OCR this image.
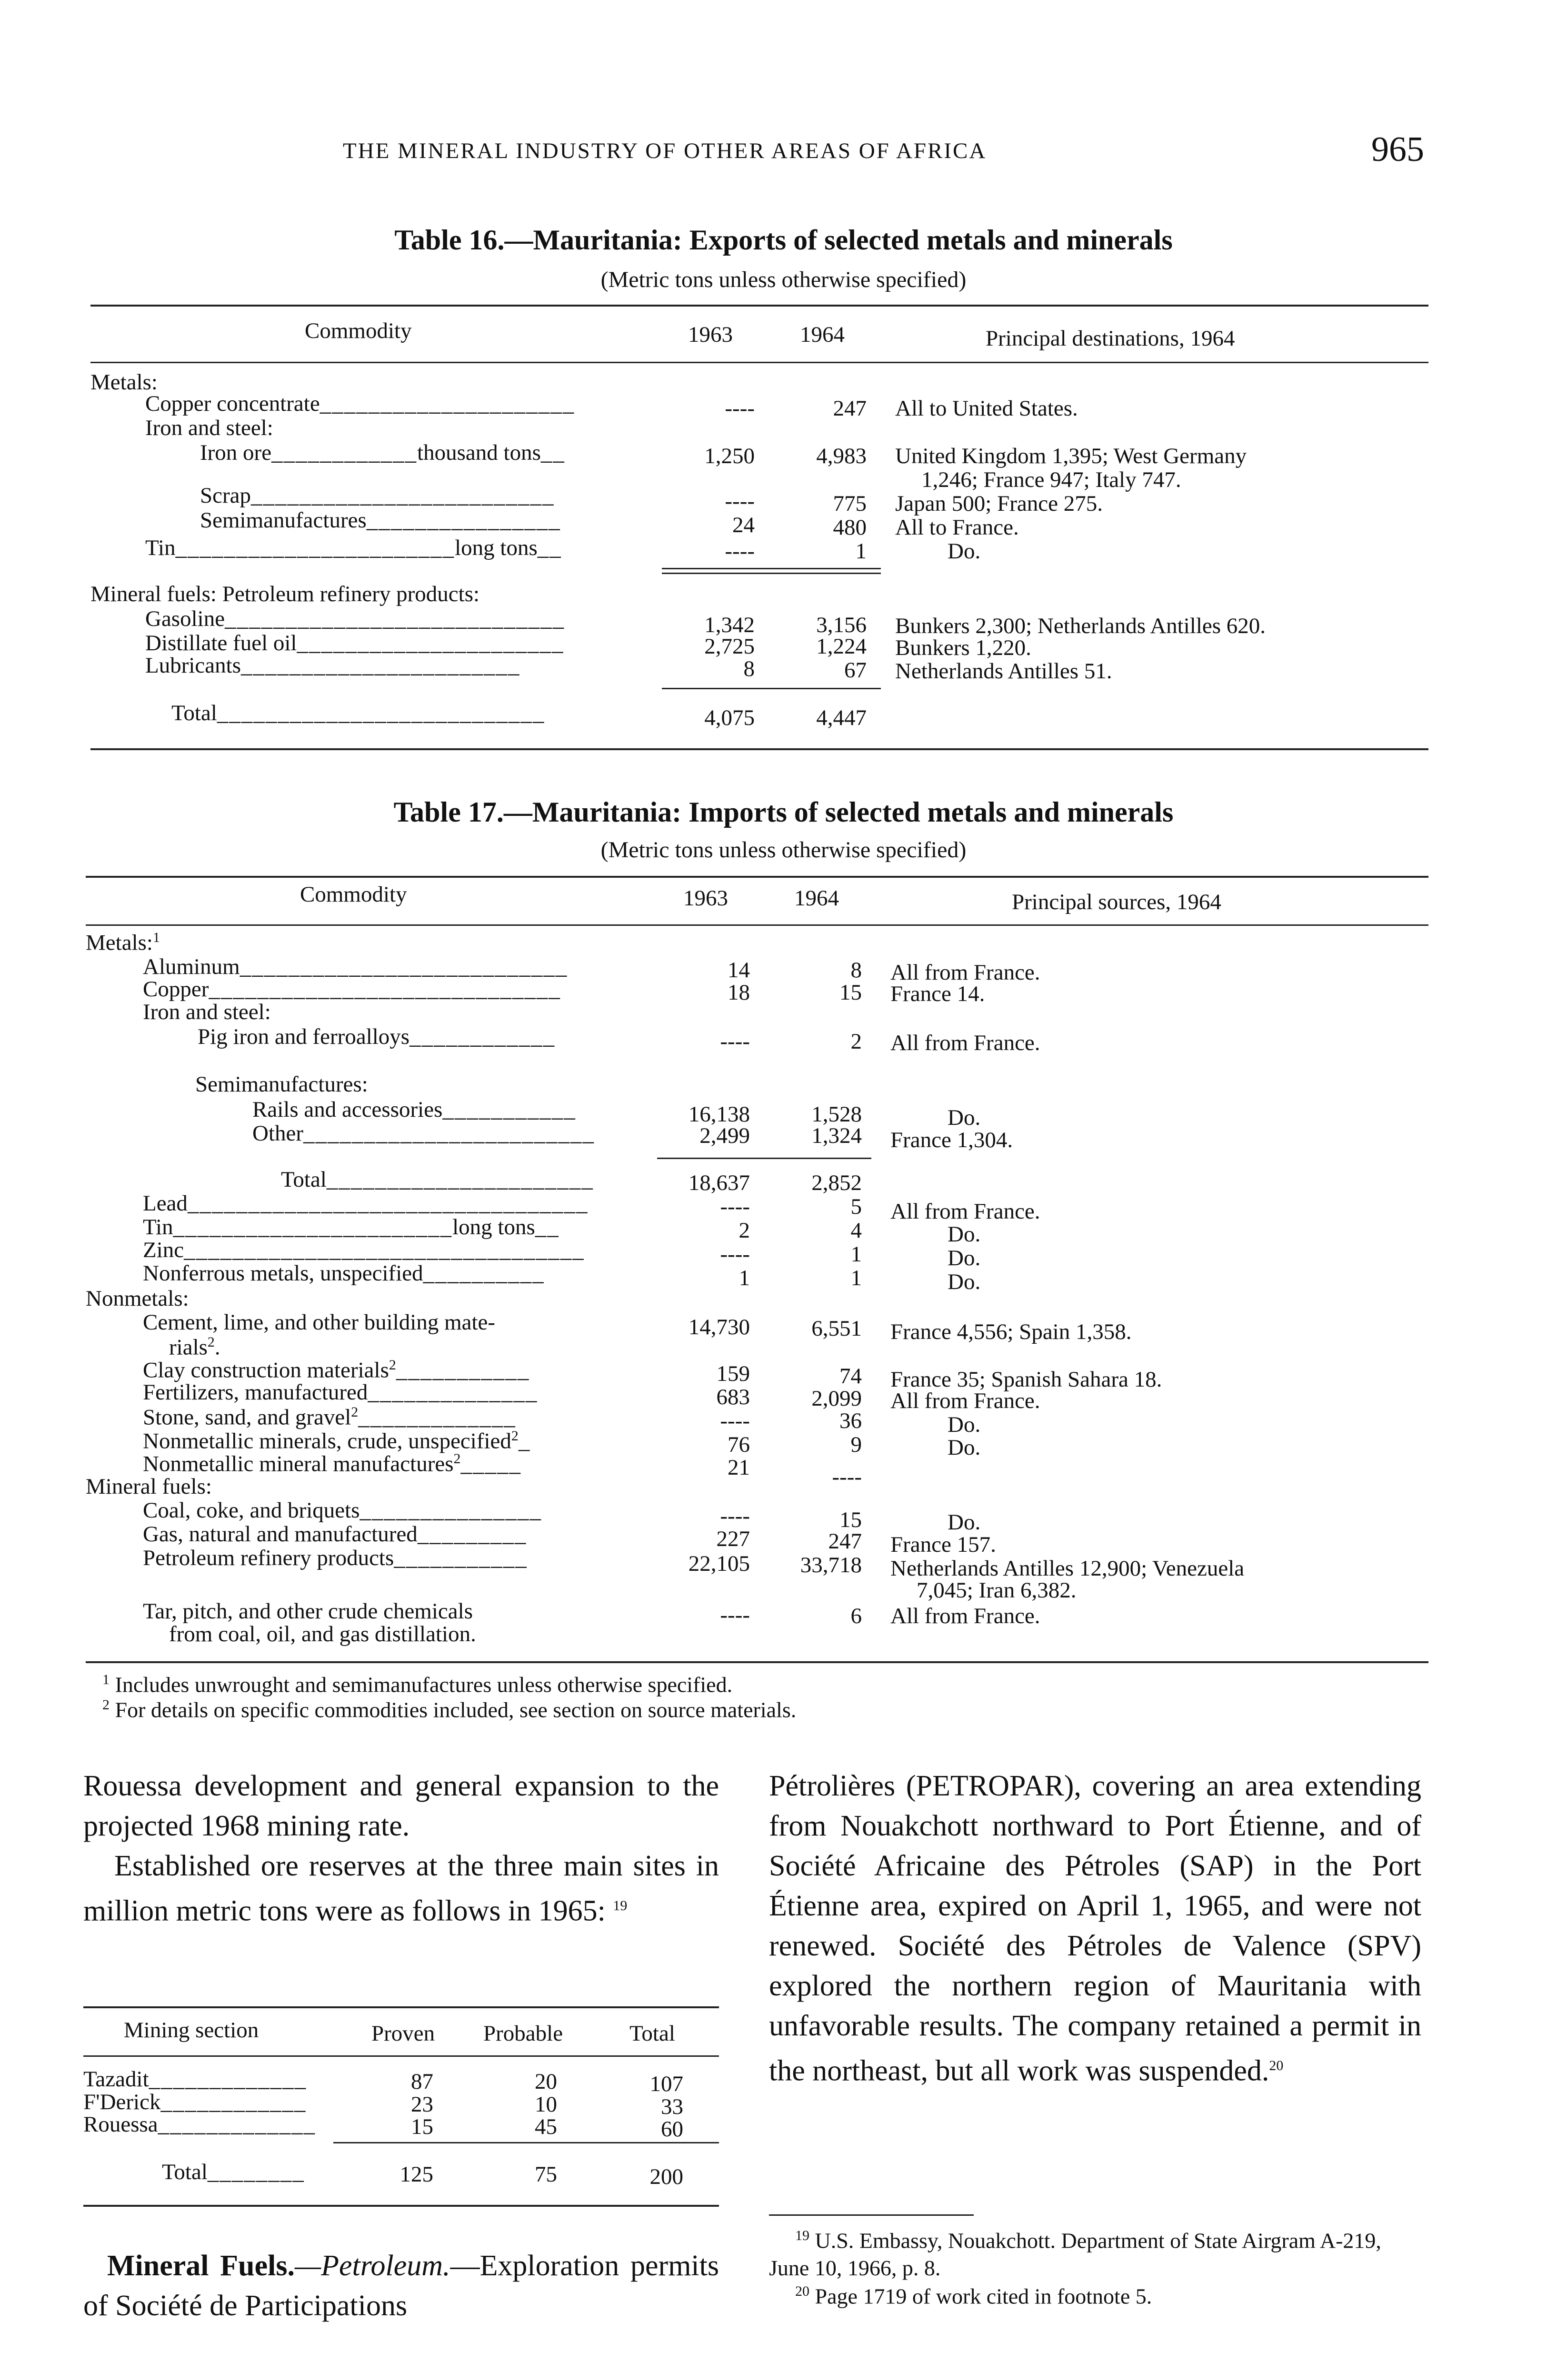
THE MINERAL INDUSTRY OF OTHER AREAS OF AFRICA	965
Table 16.—Mauritania: Exports of selected metals and minerals
(Metric tons unless otherwise specified)
Commodity	1963	1964	Principal destinations, 1964
Metals:
Copper concentrate_____________________	----	247 All to United States.
Iron and steel:
Iron ore____________thousand tons__	1,250	4,983 United Kingdom 1,395; West Germany
1,246; France 947; Italy 747.
Scrap_________________________	----	775 Japan 500; France 275.
Semimanufactures________________	24	480 All to France.
Tin_______________________long tons__	----	1	Do.
Mineral fuels: Petroleum refinery products:
Gasoline____________________________	1,342	3,156 Bunkers 2,300; Netherlands Antilles 620.
Distillate fuel oil______________________	2,725	1,224 Bunkers 1,220.
Lubricants_______________________	8	67 Netherlands Antilles 51.
Total___________________________	4,075	4,447
Table 17.—Mauritania: Imports of selected metals and minerals
(Metric tons unless otherwise specified)
Commodity	1963	1964	Principal sources, 1964
Metals:$^1$
Aluminum___________________________	14	8 All from France.
Copper_____________________________	18	15 France 14.
Iron and steel:
Pig iron and ferroalloys____________	----	2 All from France.
Semimanufactures:
Rails and accessories___________	16,138	1,528	Do.
Other________________________	2,499	1,324 France 1,304.
Total______________________	18,637	2,852
Lead_________________________________	----	5 All from France.
Tin_______________________long tons__	2	4	Do.
Zinc_________________________________	----	1	Do.
Nonferrous metals, unspecified__________	1	1	Do.
Nonmetals:
Cement, lime, and other building mate-
rials$^2$.
14,730	6,551 France 4,556; Spain 1,358.
Clay construction materials$^2$___________	159	74 France 35; Spanish Sahara 18.
Fertilizers, manufactured______________	683	2,099 All from France.
Stone, sand, and gravel$^2$_____________	----	36	Do.
Nonmetallic minerals, crude, unspecified$^2$_	76	9	Do.
Nonmetallic mineral manufactures$^2$_____	21	----
Mineral fuels:
Coal, coke, and briquets_______________	----	15	Do.
Gas, natural and manufactured_________	227	247 France 157.
Petroleum refinery products___________	22,105	33,718 Netherlands Antilles 12,900; Venezuela
7,045; Iran 6,382.
Tar, pitch, and other crude chemicals
from coal, oil, and gas distillation.
----	6 All from France.
$^1$ Includes unwrought and semimanufactures unless otherwise specified.
$^2$ For details on specific commodities included, see section on source materials.
Rouessa development and general expansion to the projected 1968 mining rate.
Established ore reserves at the three main sites in million metric tons were as follows in 1965: $^{19}$
Mining section	Proven Probable	Total
Tazadit_____________	87	20	107
F'Derick____________	23	10	33
Rouessa_____________	15	45	60
Total________	125	75	200
Mineral Fuels.—Petroleum.—Exploration permits of Société de Participations
Pétrolières (PETROPAR), covering an area extending from Nouakchott northward to Port Étienne, and of Société Africaine des Pétroles (SAP) in the Port Étienne area, expired on April 1, 1965, and were not renewed. Société des Pétroles de Valence (SPV) explored the northern region of Mauritania with unfavorable results. The company retained a permit in the northeast, but all work was suspended.$^{20}$
$^{19}$ U.S. Embassy, Nouakchott. Department of State Airgram A-219, June 10, 1966, p. 8.
$^{20}$ Page 1719 of work cited in footnote 5.
